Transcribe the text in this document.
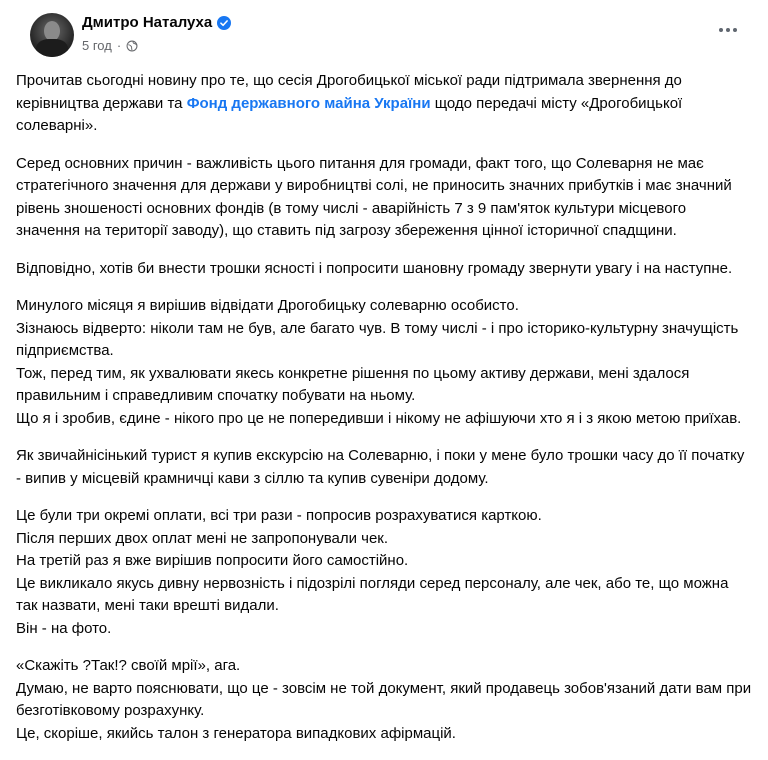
Дмитро Наталуха
5 год ·

Прочитав сьогодні новину про те, що сесія Дрогобицької міської ради підтримала звернення до керівництва держави та Фонд державного майна України щодо передачі місту «Дрогобицької солеварні».

Серед основних причин - важливість цього питання для громади, факт того, що Солеварня не має стратегічного значення для держави у виробництві солі, не приносить значних прибутків і має значний рівень зношеності основних фондів (в тому числі - аварійність 7 з 9 пам'яток культури місцевого значення на території заводу), що ставить під загрозу збереження цінної історичної спадщини.

Відповідно, хотів би внести трошки ясності і попросити шановну громаду звернути увагу і на наступне.

Минулого місяця я вирішив відвідати Дрогобицьку солеварню особисто.
Зізнаюсь відверто: ніколи там не був, але багато чув. В тому числі - і про історико-культурну значущість підприємства.
Тож, перед тим, як ухвалювати якесь конкретне рішення по цьому активу держави, мені здалося правильним і справедливим спочатку побувати на ньому.
Що я і зробив, єдине - нікого про це не попередивши і нікому не афішуючи хто я і з якою метою приїхав.

Як звичайнісінький турист я купив екскурсію на Солеварню, і поки у мене було трошки часу до її початку - випив у місцевій крамничці кави з сіллю та купив сувеніри додому.

Це були три окремі оплати, всі три рази - попросив розрахуватися карткою.
Після перших двох оплат мені не запропонували чек.
На третій раз я вже вирішив попросити його самостійно.
Це викликало якусь дивну нервозність і підозрілі погляди серед персоналу, але чек, або те, що можна так назвати, мені таки врешті видали.
Він - на фото.

«Скажіть ?Так!? своїй мрії», ага.
Думаю, не варто пояснювати, що це - зовсім не той документ, який продавець зобов'язаний дати вам при безготівковому розрахунку.
Це, скоріше, якийсь талон з генератора випадкових афірмацій.
